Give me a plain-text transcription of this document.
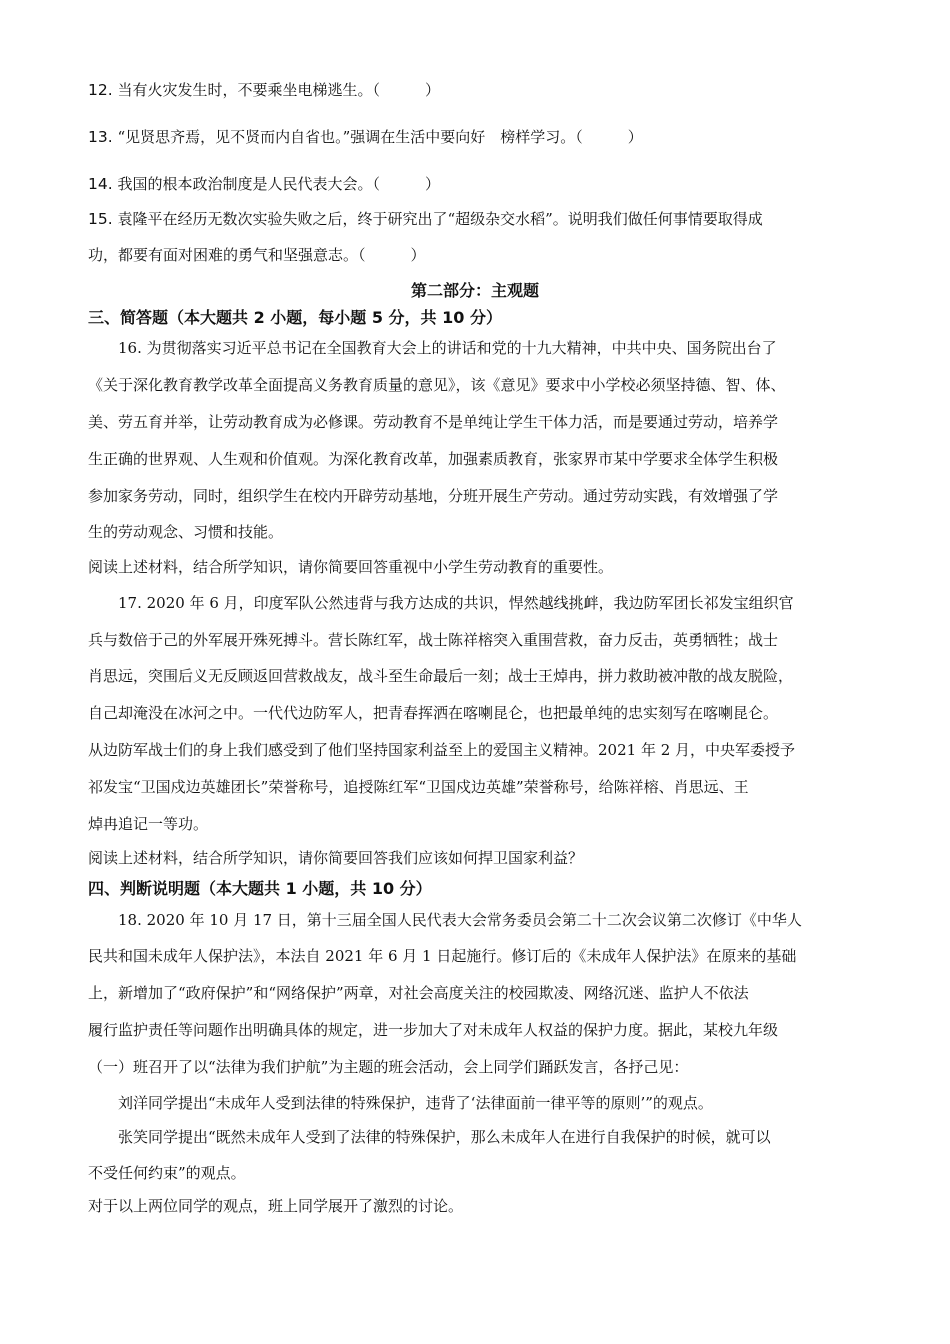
12. 当有火灾发生时，不要乘坐电梯逃生。（　　　）
13. “见贤思齐焉，见不贤而内自省也。”强调在生活中要向好　榜样学习。（　　　）
14. 我国的根本政治制度是人民代表大会。（　　　）
15. 袁隆平在经历无数次实验失败之后，终于研究出了“超级杂交水稻”。说明我们做任何事情要取得成
功，都要有面对困难的勇气和坚强意志。（　　　）
第二部分：主观题
三、简答题（本大题共 2 小题，每小题 5 分，共 10 分）
16. 为贯彻落实习近平总书记在全国教育大会上的讲话和党的十九大精神，中共中央、国务院出台了
《关于深化教育教学改革全面提高义务教育质量的意见》，该《意见》要求中小学校必须坚持德、智、体、
美、劳五育并举，让劳动教育成为必修课。劳动教育不是单纯让学生干体力活，而是要通过劳动，培养学
生正确的世界观、人生观和价值观。为深化教育改革，加强素质教育，张家界市某中学要求全体学生积极
参加家务劳动，同时，组织学生在校内开辟劳动基地，分班开展生产劳动。通过劳动实践，有效增强了学
生的劳动观念、习惯和技能。
阅读上述材料，结合所学知识，请你简要回答重视中小学生劳动教育的重要性。
17. 2020 年 6 月，印度军队公然违背与我方达成的共识，悍然越线挑衅，我边防军团长祁发宝组织官
兵与数倍于己的外军展开殊死搏斗。营长陈红军，战士陈祥榕突入重围营救，奋力反击，英勇牺牲；战士
肖思远，突围后义无反顾返回营救战友，战斗至生命最后一刻；战士王焯冉，拼力救助被冲散的战友脱险，
自己却淹没在冰河之中。一代代边防军人，把青春挥洒在喀喇昆仑，也把最单纯的忠实刻写在喀喇昆仑。
从边防军战士们的身上我们感受到了他们坚持国家利益至上的爱国主义精神。2021 年 2 月，中央军委授予
祁发宝“卫国戍边英雄团长”荣誉称号，追授陈红军“卫国戍边英雄”荣誉称号，给陈祥榕、肖思远、王
焯冉追记一等功。
阅读上述材料，结合所学知识，请你简要回答我们应该如何捍卫国家利益？
四、判断说明题（本大题共 1 小题，共 10 分）
18. 2020 年 10 月 17 日，第十三届全国人民代表大会常务委员会第二十二次会议第二次修订《中华人
民共和国未成年人保护法》，本法自 2021 年 6 月 1 日起施行。修订后的《未成年人保护法》在原来的基础
上，新增加了“政府保护”和“网络保护”两章，对社会高度关注的校园欺凌、网络沉迷、监护人不依法
履行监护责任等问题作出明确具体的规定，进一步加大了对未成年人权益的保护力度。据此，某校九年级
（一）班召开了以“法律为我们护航”为主题的班会活动，会上同学们踊跃发言，各抒己见：
刘洋同学提出“未成年人受到法律的特殊保护，违背了‘法律面前一律平等的原则’”的观点。
张笑同学提出“既然未成年人受到了法律的特殊保护，那么未成年人在进行自我保护的时候，就可以
不受任何约束”的观点。
对于以上两位同学的观点，班上同学展开了激烈的讨论。
